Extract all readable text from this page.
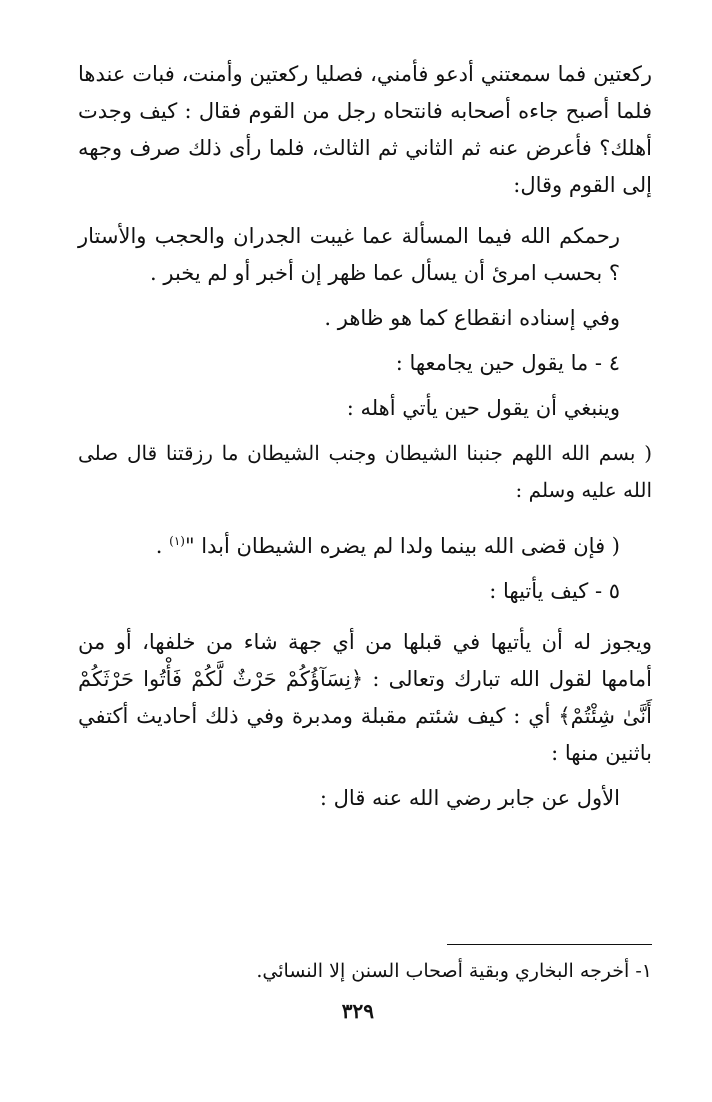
ركعتين فما سمعتني أدعو فأمني، فصليا ركعتين وأمنت، فبات عندها فلما أصبح جاءه أصحابه فانتحاه رجل من القوم فقال : كيف وجدت أهلك؟ فأعرض عنه ثم الثاني ثم الثالث، فلما رأى ذلك صرف وجهه إلى القوم وقال:

رحمكم الله فيما المسألة عما غيبت الجدران والحجب والأستار ؟ بحسب امرئ أن يسأل عما ظهر إن أخبر أو لم يخبر .

وفي إسناده انقطاع كما هو ظاهر .

٤ - ما يقول حين يجامعها :

وينبغي أن يقول حين يأتي أهله :

( بسم الله اللهم جنبنا الشيطان وجنب الشيطان ما رزقتنا قال صلى الله عليه وسلم :

( فإن قضى الله بينما ولدا لم يضره الشيطان أبدا "$^{(١)}$ .

٥ - كيف يأتيها :

ويجوز له أن يأتيها في قبلها من أي جهة شاء من خلفها، أو من أمامها لقول الله تبارك وتعالى : ﴿نِسَآؤُكُمْ حَرْثٌ لَّكُمْ فَأْتُوا حَرْثَكُمْ أَنَّىٰ شِئْتُمْ﴾ أي : كيف شئتم مقبلة ومدبرة وفي ذلك أحاديث أكتفي باثنين منها :

الأول عن جابر رضي الله عنه قال :

١- أخرجه البخاري وبقية أصحاب السنن إلا النسائي.
٣٢٩
